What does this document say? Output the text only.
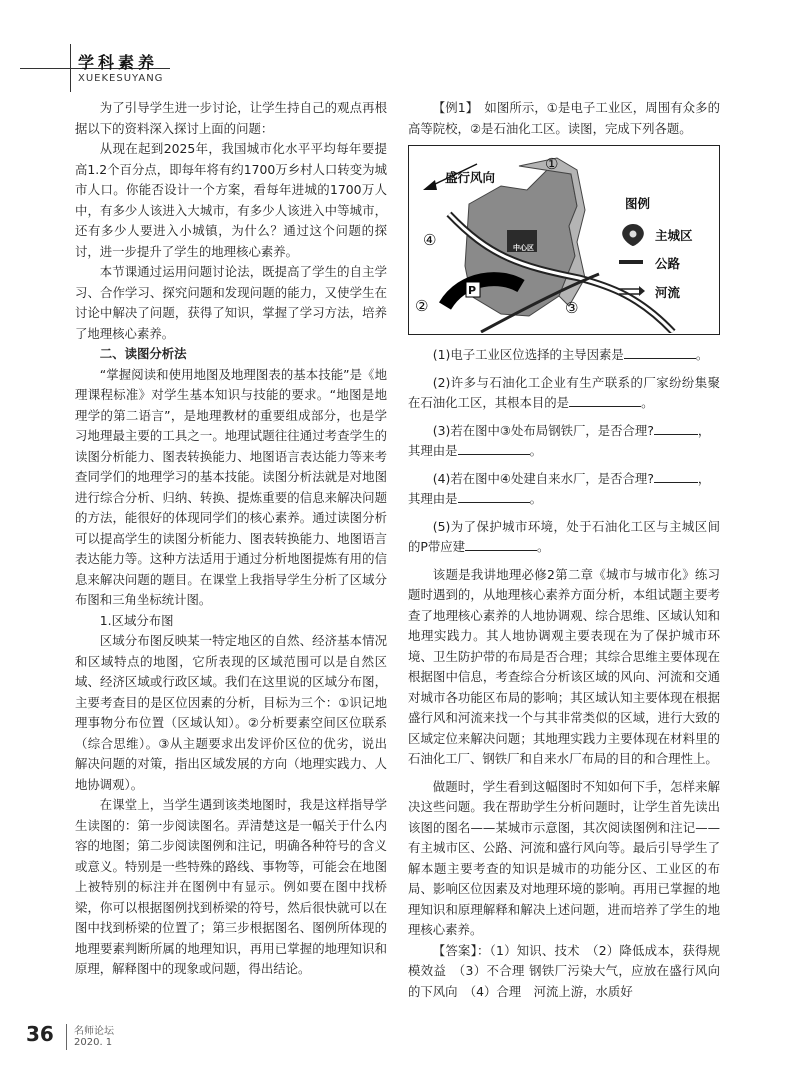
学科素养
XUEKESUYANG

为了引导学生进一步讨论，让学生持自己的观点再根据以下的资料深入探讨上面的问题：

从现在起到2025年，我国城市化水平平均每年要提高1.2个百分点，即每年将有约1700万乡村人口转变为城市人口。你能否设计一个方案，看每年进城的1700万人中，有多少人该进入大城市，有多少人该进入中等城市，还有多少人要进入小城镇，为什么？通过这个问题的探讨，进一步提升了学生的地理核心素养。

本节课通过运用问题讨论法，既提高了学生的自主学习、合作学习、探究问题和发现问题的能力，又使学生在讨论中解决了问题，获得了知识，掌握了学习方法，培养了地理核心素养。

二、读图分析法

“掌握阅读和使用地图及地理图表的基本技能”是《地理课程标准》对学生基本知识与技能的要求。“地图是地理学的第二语言”，是地理教材的重要组成部分，也是学习地理最主要的工具之一。地理试题往往通过考查学生的读图分析能力、图表转换能力、地图语言表达能力等来考查同学们的地理学习的基本技能。读图分析法就是对地图进行综合分析、归纳、转换、提炼重要的信息来解决问题的方法，能很好的体现同学们的核心素养。通过读图分析可以提高学生的读图分析能力、图表转换能力、地图语言表达能力等。这种方法适用于通过分析地图提炼有用的信息来解决问题的题目。在课堂上我指导学生分析了区域分布图和三角坐标统计图。

1.区域分布图

区域分布图反映某一特定地区的自然、经济基本情况和区域特点的地图，它所表现的区域范围可以是自然区域、经济区域或行政区域。我们在这里说的区域分布图，主要考查目的是区位因素的分析，目标为三个：①识记地理事物分布位置（区域认知）。②分析要素空间区位联系（综合思维）。③从主题要求出发评价区位的优劣，说出解决问题的对策，指出区域发展的方向（地理实践力、人地协调观）。

在课堂上，当学生遇到该类地图时，我是这样指导学生读图的：第一步阅读图名。弄清楚这是一幅关于什么内容的地图；第二步阅读图例和注记，明确各种符号的含义或意义。特别是一些特殊的路线、事物等，可能会在地图上被特别的标注并在图例中有显示。例如要在图中找桥梁，你可以根据图例找到桥梁的符号，然后很快就可以在图中找到桥梁的位置了；第三步根据图名、图例所体现的地理要素判断所属的地理知识，再用已掌握的地理知识和原理，解释图中的现象或问题，得出结论。

【例1】　如图所示，①是电子工业区，周围有众多的高等院校，②是石油化工区。读图，完成下列各题。

盛行风向
①
②	③
④	中心区
P
图例
主城区
公路
河流

(1)电子工业区位选择的主导因素是	。

(2)许多与石油化工企业有生产联系的厂家纷纷集聚在石油化工区，其根本目的是	。

(3)若在图中③处布局钢铁厂，是否合理?	，

其理由是	。

(4)若在图中④处建自来水厂，是否合理?	，

其理由是	。

(5)为了保护城市环境，处于石油化工区与主城区间的P带应建	。

该题是我讲地理必修2第二章《城市与城市化》练习题时遇到的，从地理核心素养方面分析，本组试题主要考查了地理核心素养的人地协调观、综合思维、区域认知和地理实践力。其人地协调观主要表现在为了保护城市环境、卫生防护带的布局是否合理；其综合思维主要体现在根据图中信息，考查综合分析该区域的风向、河流和交通对城市各功能区布局的影响；其区域认知主要体现在根据盛行风和河流来找一个与其非常类似的区域，进行大致的区域定位来解决问题；其地理实践力主要体现在材料里的石油化工厂、钢铁厂和自来水厂布局的目的和合理性上。

做题时，学生看到这幅图时不知如何下手，怎样来解决这些问题。我在帮助学生分析问题时，让学生首先读出该图的图名——某城市示意图，其次阅读图例和注记——有主城市区、公路、河流和盛行风向等。最后引导学生了解本题主要考查的知识是城市的功能分区、工业区的布局、影响区位因素及对地理环境的影响。再用已掌握的地理知识和原理解释和解决上述问题，进而培养了学生的地理核心素养。

【答案】：（1）知识、技术　（2）降低成本，获得规模效益　（3）不合理 钢铁厂污染大气，应放在盛行风向的下风向　（4）合理　河流上游，水质好

36 名师论坛
2020. 1
